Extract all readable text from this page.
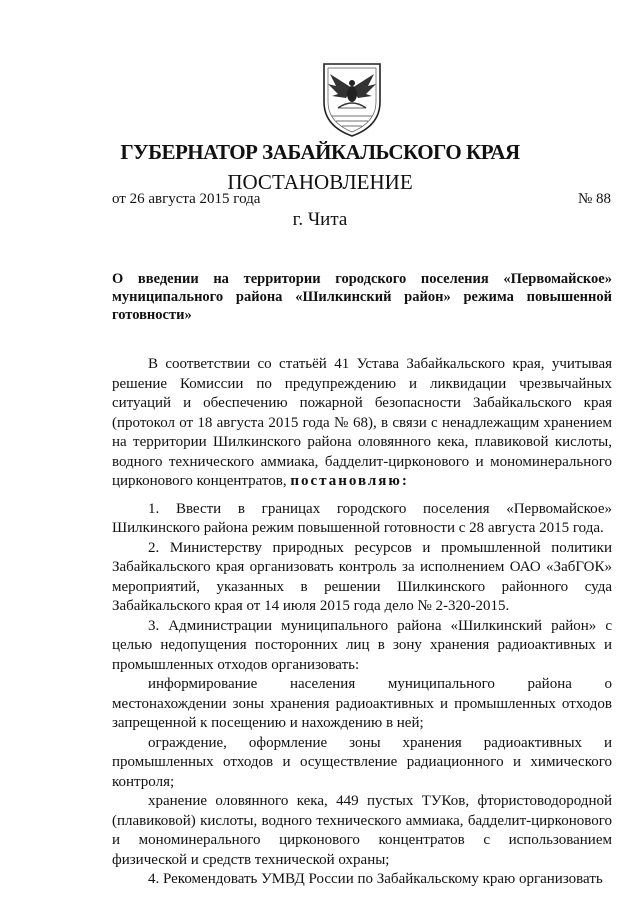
ГУБЕРНАТОР ЗАБАЙКАЛЬСКОГО КРАЯ
ПОСТАНОВЛЕНИЕ
от 26 августа 2015 года	№ 88
г. Чита
О введении на территории городского поселения «Первомайское» муниципального района «Шилкинский район» режима повышенной готовности»

В соответствии со статьёй 41 Устава Забайкальского края, учитывая решение Комиссии по предупреждению и ликвидации чрезвычайных ситуаций и обеспечению пожарной безопасности Забайкальского края (протокол от 18 августа 2015 года № 68), в связи с ненадлежащим хранением на территории Шилкинского района оловянного кека, плавиковой кислоты, водного технического аммиака, бадделит-цирконового и мономинерального цирконового концентратов, постановляю:

1. Ввести в границах городского поселения «Первомайское» Шилкинского района режим повышенной готовности с 28 августа 2015 года.

2. Министерству природных ресурсов и промышленной политики Забайкальского края организовать контроль за исполнением ОАО «ЗабГОК» мероприятий, указанных в решении Шилкинского районного суда Забайкальского края от 14 июля 2015 года дело № 2-320-2015.

3. Администрации муниципального района «Шилкинский район» с целью недопущения посторонних лиц в зону хранения радиоактивных и промышленных отходов организовать:

информирование населения муниципального района о местонахождении зоны хранения радиоактивных и промышленных отходов запрещенной к посещению и нахождению в ней;

ограждение, оформление зоны хранения радиоактивных и промышленных отходов и осуществление радиационного и химического контроля;

хранение оловянного кека, 449 пустых ТУКов, фтористоводородной (плавиковой) кислоты, водного технического аммиака, бадделит-цирконового и мономинерального цирконового концентратов с использованием физической и средств технической охраны;

4. Рекомендовать УМВД России по Забайкальскому краю организовать
